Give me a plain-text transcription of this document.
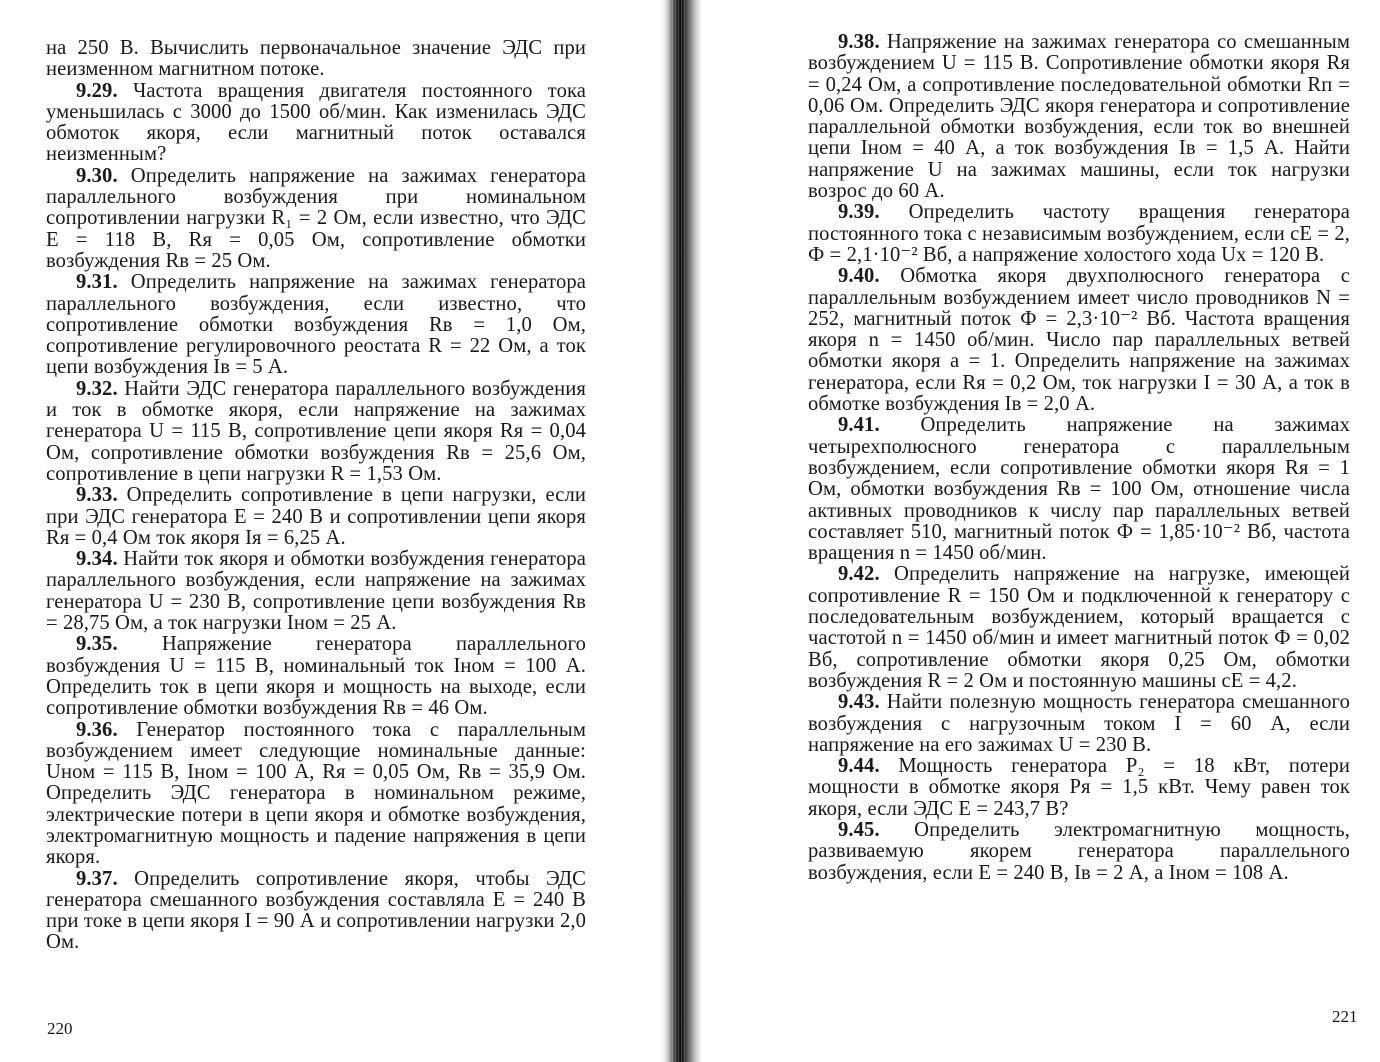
на 250 В. Вычислить первоначальное значение ЭДС при неизменном магнитном потоке.

9.29. Частота вращения двигателя постоянного тока уменьшилась с 3000 до 1500 об/мин. Как изменилась ЭДС обмоток якоря, если магнитный поток оставался неизменным?

9.30. Определить напряжение на зажимах генератора параллельного возбуждения при номинальном сопротивлении нагрузки R₁ = 2 Ом, если известно, что ЭДС E = 118 В, Rя = 0,05 Ом, сопротивление обмотки возбуждения Rв = 25 Ом.

9.31. Определить напряжение на зажимах генератора параллельного возбуждения, если известно, что сопротивление обмотки возбуждения Rв = 1,0 Ом, сопротивление регулировочного реостата R = 22 Ом, а ток цепи возбуждения Iв = 5 А.

9.32. Найти ЭДС генератора параллельного возбуждения и ток в обмотке якоря, если напряжение на зажимах генератора U = 115 В, сопротивление цепи якоря Rя = 0,04 Ом, сопротивление обмотки возбуждения Rв = 25,6 Ом, сопротивление в цепи нагрузки R = 1,53 Ом.

9.33. Определить сопротивление в цепи нагрузки, если при ЭДС генератора E = 240 В и сопротивлении цепи якоря Rя = 0,4 Ом ток якоря Iя = 6,25 А.

9.34. Найти ток якоря и обмотки возбуждения генератора параллельного возбуждения, если напряжение на зажимах генератора U = 230 В, сопротивление цепи возбуждения Rв = 28,75 Ом, а ток нагрузки Iном = 25 А.

9.35. Напряжение генератора параллельного возбуждения U = 115 В, номинальный ток Iном = 100 А. Определить ток в цепи якоря и мощность на выходе, если сопротивление обмотки возбуждения Rв = 46 Ом.

9.36. Генератор постоянного тока с параллельным возбуждением имеет следующие номинальные данные: Uном = 115 В, Iном = 100 А, Rя = 0,05 Ом, Rв = 35,9 Ом. Определить ЭДС генератора в номинальном режиме, электрические потери в цепи якоря и обмотке возбуждения, электромагнитную мощность и падение напряжения в цепи якоря.

9.37. Определить сопротивление якоря, чтобы ЭДС генератора смешанного возбуждения составляла E = 240 В при токе в цепи якоря I = 90 А и сопротивлении нагрузки 2,0 Ом.

220

9.38. Напряжение на зажимах генератора со смешанным возбуждением U = 115 В. Сопротивление обмотки якоря Rя = 0,24 Ом, а сопротивление последовательной обмотки Rп = 0,06 Ом. Определить ЭДС якоря генератора и сопротивление параллельной обмотки возбуждения, если ток во внешней цепи Iном = 40 А, а ток возбуждения Iв = 1,5 А. Найти напряжение U на зажимах машины, если ток нагрузки возрос до 60 А.

9.39. Определить частоту вращения генератора постоянного тока с независимым возбуждением, если cE = 2, Ф = 2,1·10⁻² Вб, а напряжение холостого хода Uх = 120 В.

9.40. Обмотка якоря двухполюсного генератора с параллельным возбуждением имеет число проводников N = 252, магнитный поток Ф = 2,3·10⁻² Вб. Частота вращения якоря n = 1450 об/мин. Число пар параллельных ветвей обмотки якоря a = 1. Определить напряжение на зажимах генератора, если Rя = 0,2 Ом, ток нагрузки I = 30 А, а ток в обмотке возбуждения Iв = 2,0 А.

9.41. Определить напряжение на зажимах четырехполюсного генератора с параллельным возбуждением, если сопротивление обмотки якоря Rя = 1 Ом, обмотки возбуждения Rв = 100 Ом, отношение числа активных проводников к числу пар параллельных ветвей составляет 510, магнитный поток Ф = 1,85·10⁻² Вб, частота вращения n = 1450 об/мин.

9.42. Определить напряжение на нагрузке, имеющей сопротивление R = 150 Ом и подключенной к генератору с последовательным возбуждением, который вращается с частотой n = 1450 об/мин и имеет магнитный поток Ф = 0,02 Вб, сопротивление обмотки якоря 0,25 Ом, обмотки возбуждения R = 2 Ом и постоянную машины cE = 4,2.

9.43. Найти полезную мощность генератора смешанного возбуждения с нагрузочным током I = 60 А, если напряжение на его зажимах U = 230 В.

9.44. Мощность генератора P₂ = 18 кВт, потери мощности в обмотке якоря Pя = 1,5 кВт. Чему равен ток якоря, если ЭДС E = 243,7 В?

9.45. Определить электромагнитную мощность, развиваемую якорем генератора параллельного возбуждения, если E = 240 В, Iв = 2 А, а Iном = 108 А.

221
